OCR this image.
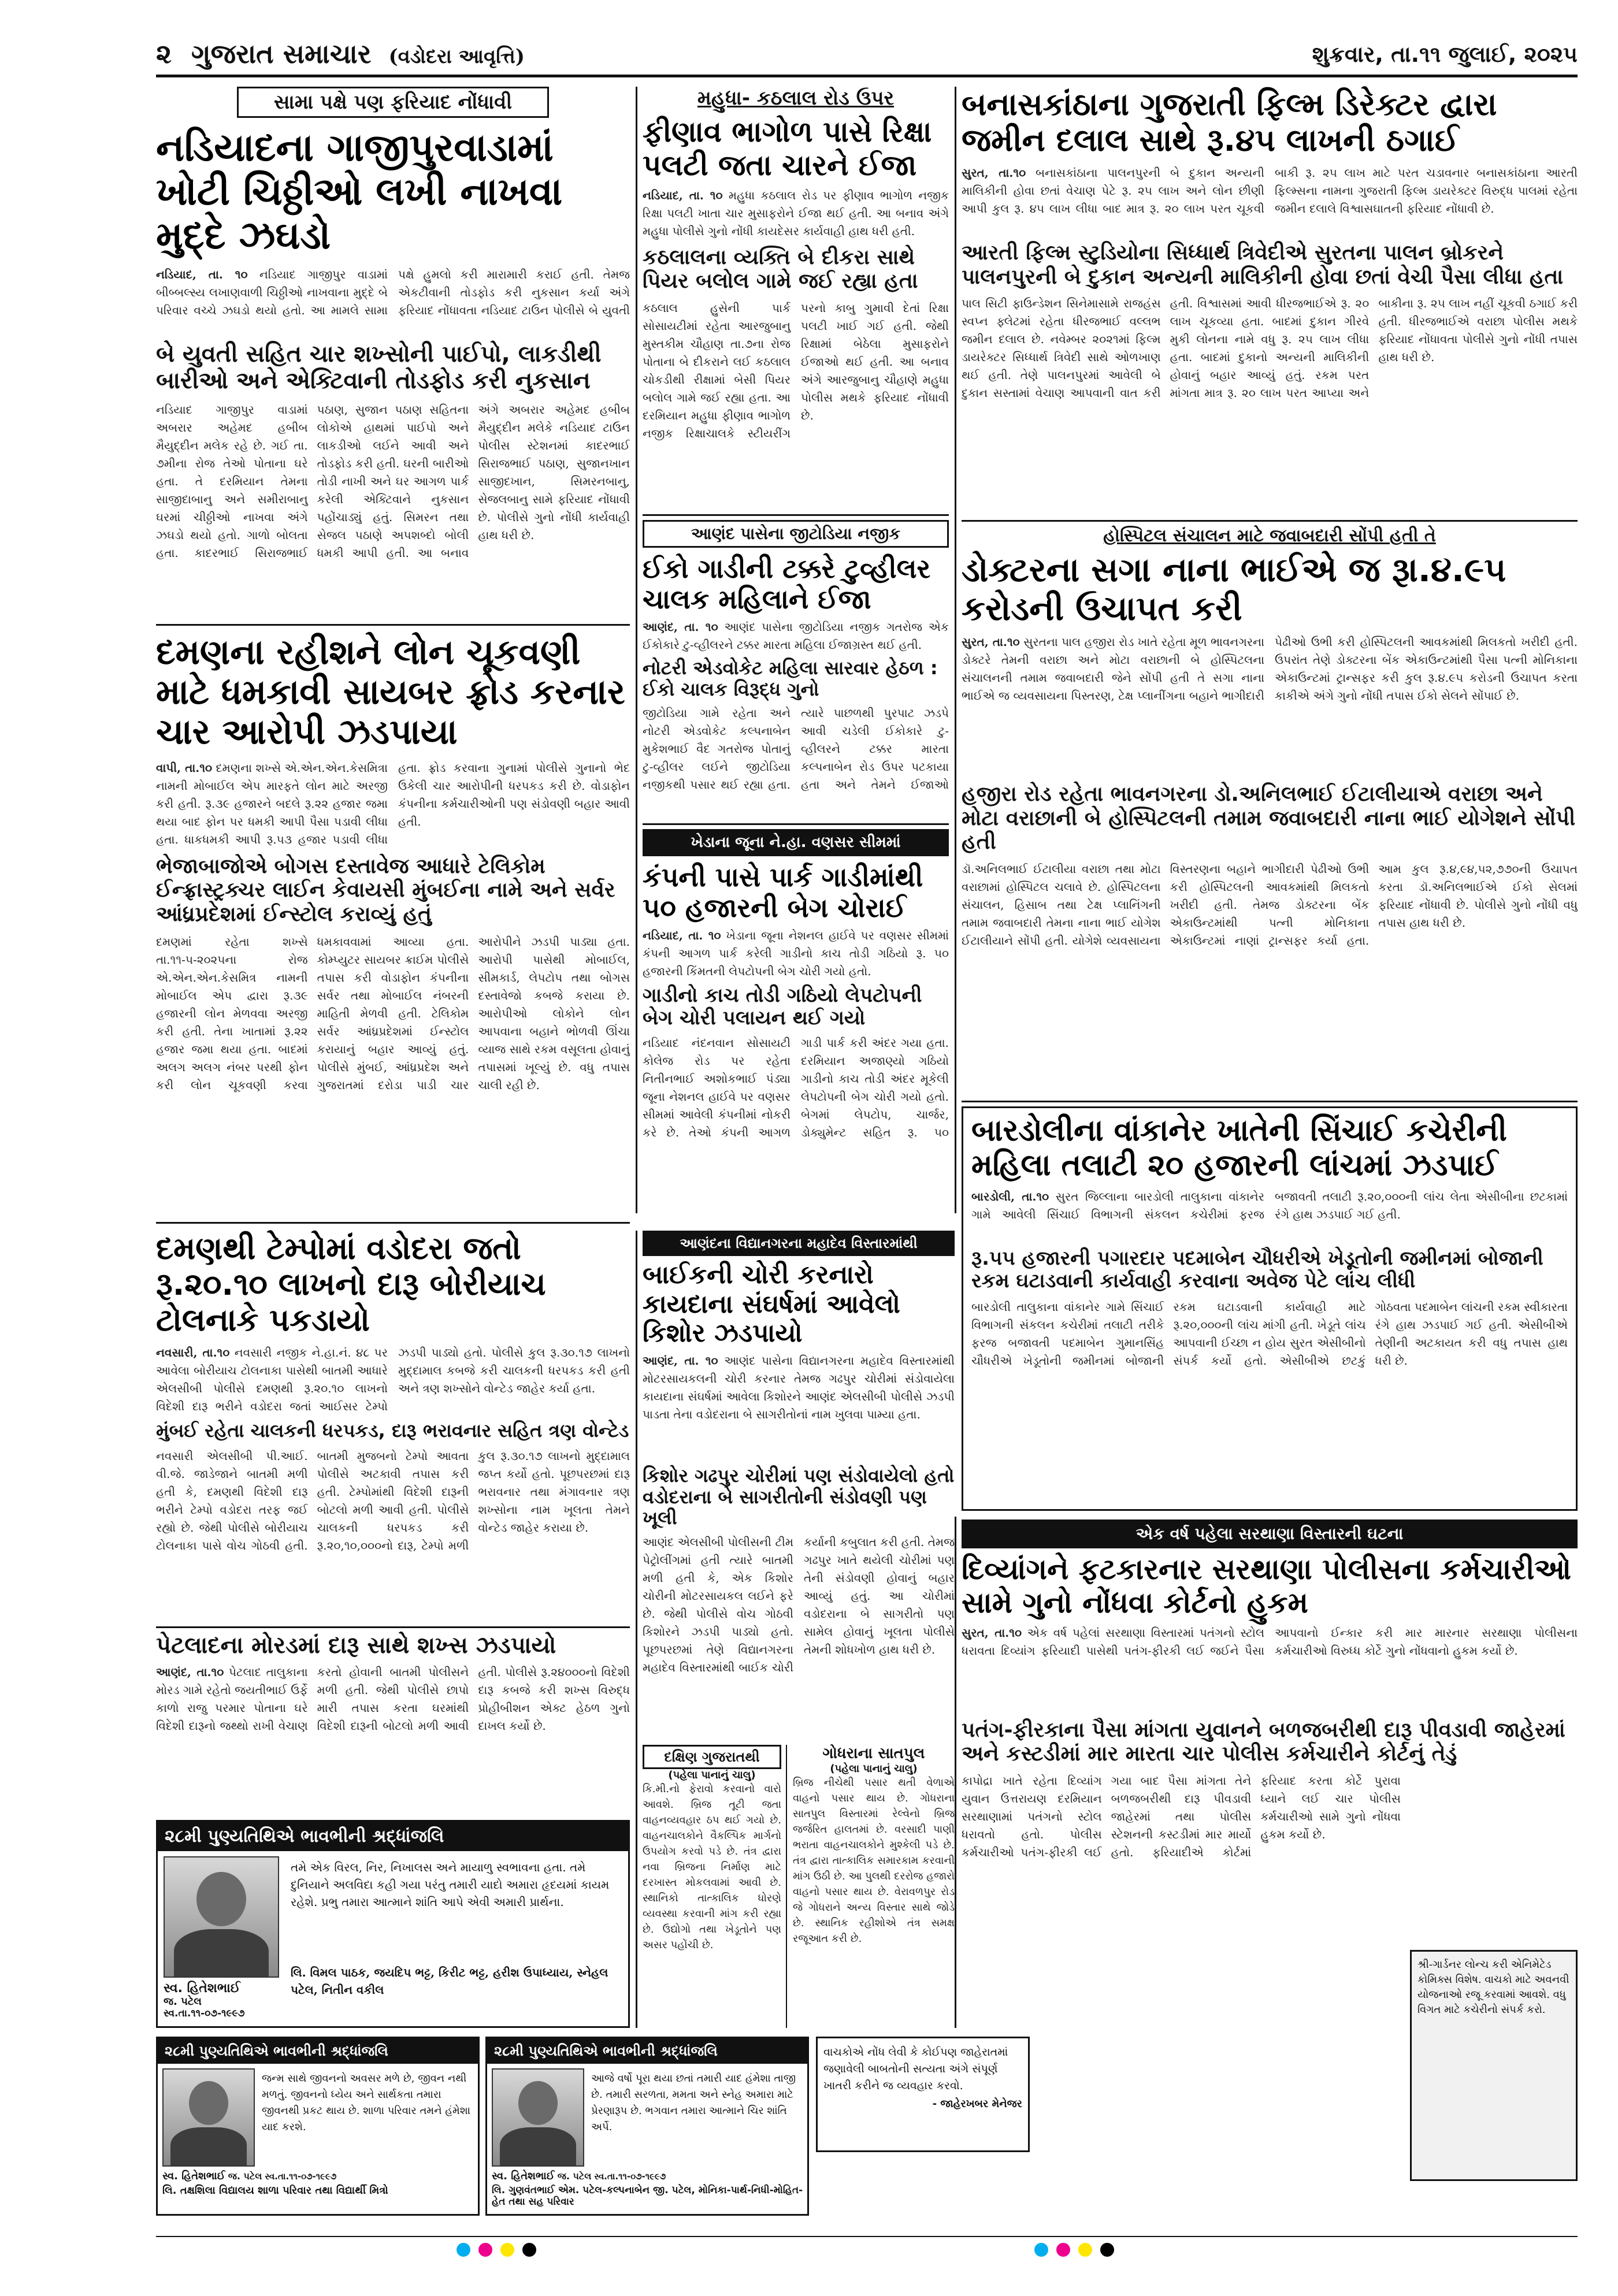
૨ ગુજરાત સમાચાર (વડોદરા આવૃત્તિ)	શુક્રવાર, તા.૧૧ જુલાઈ, ૨૦૨૫
સામા પક્ષે પણ ફરિયાદ નોંધાવી
નડિયાદના ગાજીપુરવાડામાં ખોટી ચિઠ્ઠીઓ લખી નાખવા મુદ્દે ઝઘડો
નડિયાદ, તા. ૧૦ નડિયાદ ગાજીપુર વાડામાં બીબ્બલ્સ્ય લખાણવાળી ચિઠ્ઠીઓ નાખવાના મુદ્દે બે પરિવાર વચ્ચે ઝઘડો થયો હતો. આ મામલે સામા પક્ષે હુમલો કરી મારામારી કરાઈ હતી. તેમજ એકટીવાની તોડફોડ કરી નુકસાન કર્યા અંગે ફરિયાદ નોંધાવતા નડિયાદ ટાઉન પોલીસે બે યુવતી
બે યુવતી સહિત ચાર શખ્સોની પાઈપો, લાકડીથી બારીઓ અને એક્ટિવાની તોડફોડ કરી નુકસાન
નડિયાદ ગાજીપુર વાડામાં અબરાર અહેમદ હબીબ મૈયુદ્દીન મલેક રહે છે. ગઈ તા. ૭મીના રોજ તેઓ પોતાના ઘરે હતા. તે દરમિયાન તેમના સાજીદાબાનુ અને સમીરાબાનુ ઘરમાં ચીઠ્ઠીઓ નાખવા અંગે ઝઘડો થયો હતો. ગાળો બોલતા હતા. કાદરભાઈ સિરાજભાઈ પઠાણ, સુજાન પઠાણ સહિતના લોકોએ હાથમાં પાઈપો અને લાકડીઓ લઈને આવી અને તોડફોડ કરી હતી. ઘરની બારીઓ તોડી નાખી અને ઘર આગળ પાર્ક કરેલી એક્ટિવાને નુકસાન પહોંચાડ્યું હતું. સિમરન તથા સેજલ પઠાણે અપશબ્દો બોલી ધમકી આપી હતી. આ બનાવ અંગે અબરાર અહેમદ હબીબ મૈયુદ્દીન મલેકે નડિયાદ ટાઉન પોલીસ સ્ટેશનમાં કાદરભાઈ સિરાજભાઈ પઠાણ, સુજાનખાન સાજીદખાન, સિમરનબાનુ, સેજલબાનુ સામે ફરિયાદ નોંધાવી છે. પોલીસે ગુનો નોંધી કાર્યવાહી હાથ ધરી છે.
દમણના રહીશને લોન ચૂકવણી માટે ધમકાવી સાયબર ફ્રોડ કરનાર ચાર આરોપી ઝડપાયા
વાપી, તા.૧૦ દમણના શખ્સે એ.એન.એન.કેસમિત્રા નામની મોબાઈલ એપ મારફતે લોન માટે અરજી કરી હતી. રૂ.૩૯ હજારને બદલે રૂ.૨૨ હજાર જમા થયા બાદ ફોન પર ધમકી આપી પૈસા પડાવી લીધા હતા. ધાકધમકી આપી રૂ.૫૩ હજાર પડાવી લીધા હતા. ફ્રોડ કરવાના ગુનામાં પોલીસે ગુનાનો ભેદ ઉકેલી ચાર આરોપીની ધરપકડ કરી છે. વોડાફોન કંપનીના કર્મચારીઓની પણ સંડોવણી બહાર આવી હતી.
ભેજાબાજોએ બોગસ દસ્તાવેજ આધારે ટેલિકોમ ઈન્ફ્રાસ્ટ્રક્ચર લાઈન કેવાયસી મુંબઈના નામે અને સર્વર આંધ્રપ્રદેશમાં ઈન્સ્ટોલ કરાવ્યું હતું
દમણમાં રહેતા શખ્સે તા.૧૧-૫-૨૦૨૫ના રોજ એ.એન.એન.કેસમિત્ર નામની મોબાઈલ એપ દ્વારા રૂ.૩૯ હજારની લોન મેળવવા અરજી કરી હતી. તેના ખાતામાં રૂ.૨૨ હજાર જમા થયા હતા. બાદમાં અલગ અલગ નંબર પરથી ફોન કરી લોન ચૂકવણી કરવા ધમકાવવામાં આવ્યા હતા. કોમ્પ્યુટર સાયબર ક્રાઈમ પોલીસે તપાસ કરી વોડાફોન કંપનીના સર્વર તથા મોબાઈલ નંબરની માહિતી મેળવી હતી. ટેલિકોમ સર્વર આંધ્રપ્રદેશમાં ઈન્સ્ટોલ કરાયાનું બહાર આવ્યું હતું. પોલીસે મુંબઈ, આંધ્રપ્રદેશ અને ગુજરાતમાં દરોડા પાડી ચાર આરોપીને ઝડપી પાડ્યા હતા. આરોપી પાસેથી મોબાઈલ, સીમકાર્ડ, લેપટોપ તથા બોગસ દસ્તાવેજો કબજે કરાયા છે. આરોપીઓ લોકોને લોન આપવાના બહાને ભોળવી ઊંચા વ્યાજ સાથે રકમ વસૂલતા હોવાનું તપાસમાં ખૂલ્યું છે. વધુ તપાસ ચાલી રહી છે.
મહુધા- કઠલાલ રોડ ઉપર
ફીણાવ ભાગોળ પાસે રિક્ષા પલટી જતા ચારને ઈજા
નડિયાદ, તા. ૧૦ મહુધા કઠલાલ રોડ પર ફીણાવ ભાગોળ નજીક રિક્ષા પલટી ખાતા ચાર મુસાફરોને ઈજા થઈ હતી. આ બનાવ અંગે મહુધા પોલીસે ગુનો નોંધી કાયદેસર કાર્યવાહી હાથ ધરી હતી.
કઠલાલના વ્યક્તિ બે દીકરા સાથે પિયર બલોલ ગામે જઈ રહ્યા હતા
કઠલાલ હુસેની પાર્ક સોસાયટીમાં રહેતા આરજુબાનુ મુસ્તકીમ ચૌહાણ તા.૭ના રોજ પોતાના બે દીકરાને લઈ કઠલાલ ચોકડીથી રીક્ષામાં બેસી પિયર બલોલ ગામે જઈ રહ્યા હતા. આ દરમિયાન મહુધા ફીણાવ ભાગોળ નજીક રિક્ષાચાલકે સ્ટીયરીંગ પરનો કાબુ ગુમાવી દેતાં રિક્ષા પલટી ખાઈ ગઈ હતી. જેથી રિક્ષામાં બેઠેલા મુસાફરોને ઈજાઓ થઈ હતી. આ બનાવ અંગે આરજુબાનુ ચૌહાણે મહુધા પોલીસ મથકે ફરિયાદ નોંધાવી છે.
આણંદ પાસેના જીટોડિયા નજીક
ઈકો ગાડીની ટક્કરે ટુવ્હીલર ચાલક મહિલાને ઈજા
આણંદ, તા. ૧૦ આણંદ પાસેના જીટોડિયા નજીક ગતરોજ એક ઈકોકારે ટુ-વ્હીલરને ટક્કર મારતા મહિલા ઈજાગ્રસ્ત થઈ હતી.
નોટરી એડવોકેટ મહિલા સારવાર હેઠળ : ઈકો ચાલક વિરૂદ્ધ ગુનો
જીટોડિયા ગામે રહેતા અને નોટરી એડવોકેટ કલ્પનાબેન મુકેશભાઈ વૈદ ગતરોજ પોતાનું ટુ-વ્હીલર લઈને જીટોડિયા નજીકથી પસાર થઈ રહ્યા હતા. ત્યારે પાછળથી પુરપાટ ઝડપે આવી ચડેલી ઈકોકારે ટુ-વ્હીલરને ટક્કર મારતા કલ્પનાબેન રોડ ઉપર પટકાયા હતા અને તેમને ઈજાઓ
ખેડાના જૂના ને.હા. વણસર સીમમાં
કંપની પાસે પાર્ક ગાડીમાંથી ૫૦ હજારની બેગ ચોરાઈ
નડિયાદ, તા. ૧૦ ખેડાના જૂના નેશનલ હાઈવે પર વણસર સીમમાં કંપની આગળ પાર્ક કરેલી ગાડીનો કાચ તોડી ગઠિયો રૂ. ૫૦ હજારની કિંમતની લેપટોપની બેગ ચોરી ગયો હતો.
ગાડીનો કાચ તોડી ગઠિયો લેપટોપની બેગ ચોરી પલાયન થઈ ગયો
નડિયાદ નંદનવાન સોસાયટી કોલેજ રોડ પર રહેતા નિતીનભાઈ અશોકભાઈ પંડ્યા જૂના નેશનલ હાઈવે પર વણસર સીમમાં આવેલી કંપનીમાં નોકરી કરે છે. તેઓ કંપની આગળ ગાડી પાર્ક કરી અંદર ગયા હતા. દરમિયાન અજાણ્યો ગઠિયો ગાડીનો કાચ તોડી અંદર મૂકેલી લેપટોપની બેગ ચોરી ગયો હતો. બેગમાં લેપટોપ, ચાર્જર, ડોક્યુમેન્ટ સહિત રૂ. ૫૦
બનાસકાંઠાના ગુજરાતી ફિલ્મ ડિરેક્ટર દ્વારા જમીન દલાલ સાથે રૂ.૪૫ લાખની ઠગાઈ
સુરત, તા.૧૦ બનાસકાંઠાના પાલનપુરની બે દુકાન અન્યની માલિકીની હોવા છતાં વેચાણ પેટે રૂ. ૨૫ લાખ અને લોન છીણી આપી કુલ રૂ. ૪૫ લાખ લીધા બાદ માત્ર રૂ. ૨૦ લાખ પરત ચૂકવી બાકી રૂ. ૨૫ લાખ માટે પરત ચડાવનાર બનાસકાંઠાના આરતી ફિલ્મ્સના નામના ગુજરાતી ફિલ્મ ડાયરેક્ટર વિરુદ્ધ પાલમાં રહેતા જમીન દલાલે વિશ્વાસઘાતની ફરિયાદ નોંધાવી છે.
આરતી ફિલ્મ સ્ટુડિયોના સિધ્ધાર્થ ત્રિવેદીએ સુરતના પાલન બ્રોકરને પાલનપુરની બે દુકાન અન્યની માલિકીની હોવા છતાં વેચી પૈસા લીધા હતા
પાલ સિટી ફાઉન્ડેશન સિનેમાસામે રાજહંસ સ્વપ્ન ફ્લેટમાં રહેતા ધીરજભાઈ વલ્લભ જમીન દલાલ છે. નવેમ્બર ૨૦૨૧માં ફિલ્મ ડાયરેક્ટર સિધ્ધાર્થ ત્રિવેદી સાથે ઓળખાણ થઈ હતી. તેણે પાલનપુરમાં આવેલી બે દુકાન સસ્તામાં વેચાણ આપવાની વાત કરી હતી. વિશ્વાસમાં આવી ધીરજભાઈએ રૂ. ૨૦ લાખ ચૂકવ્યા હતા. બાદમાં દુકાન ગીરવે મુકી લોનના નામે વધુ રૂ. ૨૫ લાખ લીધા હતા. બાદમાં દુકાનો અન્યની માલિકીની હોવાનું બહાર આવ્યું હતું. રકમ પરત માંગતા માત્ર રૂ. ૨૦ લાખ પરત આપ્યા અને બાકીના રૂ. ૨૫ લાખ નહીં ચૂકવી ઠગાઈ કરી હતી. ધીરજભાઈએ વરાછા પોલીસ મથકે ફરિયાદ નોંધાવતા પોલીસે ગુનો નોંધી તપાસ હાથ ધરી છે.
હોસ્પિટલ સંચાલન માટે જવાબદારી સોંપી હતી તે
ડોક્ટરના સગા નાના ભાઈએ જ રૂા.૪.૯૫ કરોડની ઉચાપત કરી
સુરત, તા.૧૦ સુરતના પાલ હજીરા રોડ ખાતે રહેતા મૂળ ભાવનગરના ડોક્ટરે તેમની વરાછા અને મોટા વરાછાની બે હોસ્પિટલના સંચાલનની તમામ જવાબદારી જેને સોંપી હતી તે સગા નાના ભાઈએ જ વ્યવસાયના પિસ્તરણ, ટેક્ષ પ્લાનીંગના બહાને ભાગીદારી પેઢીઓ ઉભી કરી હોસ્પિટલની આવકમાંથી મિલકતો ખરીદી હતી. ઉપરાંત તેણે ડોક્ટરના બેંક એકાઉન્ટમાંથી પૈસા પત્ની મોનિકાના એકાઉન્ટમાં ટ્રાન્સફર કરી કુલ રૂ.૪.૯૫ કરોડની ઉચાપત કરતા કાકીએ અંગે ગુનો નોંધી તપાસ ઈકો સેલને સોંપાઈ છે.
હજીરા રોડ રહેતા ભાવનગરના ડો.અનિલભાઈ ઈટાલીયાએ વરાછા અને મોટા વરાછાની બે હોસ્પિટલની તમામ જવાબદારી નાના ભાઈ યોગેશને સોંપી હતી
ડૉ.અનિલભાઈ ઈટાલીયા વરાછા તથા મોટા વરાછામાં હોસ્પિટલ ચલાવે છે. હોસ્પિટલના સંચાલન, હિસાબ તથા ટેક્ષ પ્લાનિંગની તમામ જવાબદારી તેમના નાના ભાઈ યોગેશ ઈટાલીયાને સોંપી હતી. યોગેશે વ્યવસાયના વિસ્તરણના બહાને ભાગીદારી પેઢીઓ ઉભી કરી હોસ્પિટલની આવકમાંથી મિલકતો ખરીદી હતી. તેમજ ડોક્ટરના બેંક એકાઉન્ટમાંથી પત્ની મોનિકાના એકાઉન્ટમાં નાણાં ટ્રાન્સફર કર્યા હતા. આમ કુલ રૂ.૪,૯૪,૫૨,૭૭૦ની ઉચાપત કરતા ડૉ.અનિલભાઈએ ઈકો સેલમાં ફરિયાદ નોંધાવી છે. પોલીસે ગુનો નોંધી વધુ તપાસ હાથ ધરી છે.
બારડોલીના વાંકાનેર ખાતેની સિંચાઈ કચેરીની મહિલા તલાટી ૨૦ હજારની લાંચમાં ઝડપાઈ
બારડોલી, તા.૧૦ સુરત જિલ્લાના બારડોલી તાલુકાના વાંકાનેર ગામે આવેલી સિંચાઈ વિભાગની સંકલન કચેરીમાં ફરજ બજાવતી તલાટી રૂ.૨૦,૦૦૦ની લાંચ લેતા એસીબીના છટકામાં રંગે હાથ ઝડપાઈ ગઈ હતી.
રૂ.૫૫ હજારની પગારદાર પદમાબેન ચૌધરીએ ખેડૂતોની જમીનમાં બોજાની રકમ ઘટાડવાની કાર્યવાહી કરવાના અવેજ પેટે લાંચ લીધી
બારડોલી તાલુકાના વાંકાનેર ગામે સિંચાઈ વિભાગની સંકલન કચેરીમાં તલાટી તરીકે ફરજ બજાવતી પદમાબેન ગુમાનસિંહ ચૌધરીએ ખેડૂતોની જમીનમાં બોજાની રકમ ઘટાડવાની કાર્યવાહી માટે રૂ.૨૦,૦૦૦ની લાંચ માંગી હતી. ખેડૂતે લાંચ આપવાની ઈચ્છા ન હોય સુરત એસીબીનો સંપર્ક કર્યો હતો. એસીબીએ છટકું ગોઠવતા પદમાબેન લાંચની રકમ સ્વીકારતા રંગે હાથ ઝડપાઈ ગઈ હતી. એસીબીએ તેણીની અટકાયત કરી વધુ તપાસ હાથ ધરી છે.
દમણથી ટેમ્પોમાં વડોદરા જતો રૂ.૨૦.૧૦ લાખનો દારૂ બોરીયાચ ટોલનાકે પકડાયો
નવસારી, તા.૧૦ નવસારી નજીક ને.હા.નં. ૪૮ પર આવેલા બોરીયાચ ટોલનાકા પાસેથી બાતમી આધારે એલસીબી પોલીસે દમણથી રૂ.૨૦.૧૦ લાખનો વિદેશી દારૂ ભરીને વડોદરા જતાં આઈસર ટેમ્પો ઝડપી પાડ્યો હતો. પોલીસે કુલ રૂ.૩૦.૧૭ લાખનો મુદ્દામાલ કબજે કરી ચાલકની ધરપકડ કરી હતી અને ત્રણ શખ્સોને વોન્ટેડ જાહેર કર્યા હતા.
મુંબઈ રહેતા ચાલકની ધરપકડ, દારૂ ભરાવનાર સહિત ત્રણ વોન્ટેડ
નવસારી એલસીબી પી.આઈ. વી.જે. જાડેજાને બાતમી મળી હતી કે, દમણથી વિદેશી દારૂ ભરીને ટેમ્પો વડોદરા તરફ જઈ રહ્યો છે. જેથી પોલીસે બોરીયાચ ટોલનાકા પાસે વોચ ગોઠવી હતી. બાતમી મુજબનો ટેમ્પો આવતા પોલીસે અટકાવી તપાસ કરી હતી. ટેમ્પોમાંથી વિદેશી દારૂની બોટલો મળી આવી હતી. પોલીસે ચાલકની ધરપકડ કરી રૂ.૨૦,૧૦,૦૦૦નો દારૂ, ટેમ્પો મળી કુલ રૂ.૩૦.૧૭ લાખનો મુદ્દામાલ જપ્ત કર્યો હતો. પૂછપરછમાં દારૂ ભરાવનાર તથા મંગાવનાર ત્રણ શખ્સોના નામ ખૂલતા તેમને વોન્ટેડ જાહેર કરાયા છે.
પેટલાદના મોરડમાં દારૂ સાથે શખ્સ ઝડપાયો
આણંદ, તા.૧૦ પેટલાદ તાલુકાના મોરડ ગામે રહેતો જયતીભાઈ ઉર્ફે કાળો રાજુ પરમાર પોતાના ઘરે વિદેશી દારૂનો જથ્થો રાખી વેચાણ કરતો હોવાની બાતમી પોલીસને મળી હતી. જેથી પોલીસે છાપો મારી તપાસ કરતા ઘરમાંથી વિદેશી દારૂની બોટલો મળી આવી હતી. પોલીસે રૂ.૨૪૦૦૦નો વિદેશી દારૂ કબજે કરી શખ્સ વિરુદ્ધ પ્રોહીબીશન એક્ટ હેઠળ ગુનો દાખલ કર્યો છે.
૨૮મી પુણ્યતિથિએ ભાવભીની શ્રદ્ધાંજલિ
સ્વ. હિતેશભાઈ
જ. પટેલ
સ્વ.તા.૧૧-૦૭-૧૯૯૭
તમે એક વિરલ, નિર, નિખાલસ અને માયાળુ સ્વભાવના હતા. તમે દુનિયાને અલવિદા કહી ગયા પરંતુ તમારી યાદો અમારા હૃદયમાં કાયમ રહેશે. પ્રભુ તમારા આત્માને શાંતિ આપે એવી અમારી પ્રાર્થના.
લિ. વિમલ પાઠક, જયદિપ ભટ્ટ, કિરીટ ભટ્ટ, હરીશ ઉપાધ્યાય, સ્નેહલ પટેલ, નિતીન વકીલ
૨૮મી પુણ્યતિથિએ ભાવભીની શ્રદ્ધાંજલિ
જન્મ સાથે જીવનનો અવસર મળે છે, જીવન નથી મળતું. જીવનનો ધ્યેય અને સાર્થકતા તમારા જીવનથી પ્રકટ થાય છે. શાળા પરિવાર તમને હંમેશા યાદ કરશે.
સ્વ. હિતેશભાઈ જ. પટેલ સ્વ.તા.૧૧-૦૭-૧૯૯૭
લિ. તક્ષશિલા વિદ્યાલય શાળા પરિવાર તથા વિદ્યાર્થી મિત્રો
૨૮મી પુણ્યતિથિએ ભાવભીની શ્રદ્ધાંજલિ
આજે વર્ષો પૂરા થયા છતાં તમારી યાદ હંમેશા તાજી છે. તમારી સરળતા, મમતા અને સ્નેહ અમારા માટે પ્રેરણારૂપ છે. ભગવાન તમારા આત્માને ચિર શાંતિ અર્પે.
સ્વ. હિતેશભાઈ જ. પટેલ સ્વ.તા.૧૧-૦૭-૧૯૯૭
લિ. ગુણવંતભાઈ એમ. પટેલ-કલ્પનાબેન જી. પટેલ, મોનિકા-પાર્થ-નિધી-મોહિત-હેત તથા સહ પરિવાર
આણંદના વિદ્યાનગરના મહાદેવ વિસ્તારમાંથી
બાઈકની ચોરી કરનારો કાયદાના સંઘર્ષમાં આવેલો કિશોર ઝડપાયો
આણંદ, તા. ૧૦ આણંદ પાસેના વિદ્યાનગરના મહાદેવ વિસ્તારમાંથી મોટરસાયકલની ચોરી કરનાર તેમજ ગઢપુર ચોરીમાં સંડોવાયેલા કાયદાના સંઘર્ષમાં આવેલા કિશોરને આણંદ એલસીબી પોલીસે ઝડપી પાડતા તેના વડોદરાના બે સાગરીતોનાં નામ ખુલવા પામ્યા હતા.
કિશોર ગઢપુર ચોરીમાં પણ સંડોવાયેલો હતો વડોદરાના બે સાગરીતોની સંડોવણી પણ ખૂલી
આણંદ એલસીબી પોલીસની ટીમ પેટ્રોલીંગમાં હતી ત્યારે બાતમી મળી હતી કે, એક કિશોર ચોરીની મોટરસાયકલ લઈને ફરે છે. જેથી પોલીસે વોચ ગોઠવી કિશોરને ઝડપી પાડ્યો હતો. પૂછપરછમાં તેણે વિદ્યાનગરના મહાદેવ વિસ્તારમાંથી બાઈક ચોરી કર્યાની કબુલાત કરી હતી. તેમજ ગઢપુર ખાતે થયેલી ચોરીમાં પણ તેની સંડોવણી હોવાનું બહાર આવ્યું હતું. આ ચોરીમાં વડોદરાના બે સાગરીતો પણ સામેલ હોવાનું ખૂલતા પોલીસે તેમની શોધખોળ હાથ ધરી છે.
દક્ષિણ ગુજરાતથી
(પહેલા પાનાનું ચાલુ)
કિ.મી.નો ફેરાવો કરવાનો વારો આવશે. બ્રિજ તૂટી જતા વાહનવ્યવહાર ઠપ થઈ ગયો છે. વાહનચાલકોને વૈકલ્પિક માર્ગનો ઉપયોગ કરવો પડે છે. તંત્ર દ્વારા નવા બ્રિજના નિર્માણ માટે દરખાસ્ત મોકલવામાં આવી છે. સ્થાનિકો તાત્કાલિક ધોરણે વ્યવસ્થા કરવાની માંગ કરી રહ્યા છે. ઉદ્યોગો તથા ખેડૂતોને પણ અસર પહોંચી છે.
ગોધરાના સાતપુલ
(પહેલા પાનાનું ચાલુ)
બ્રિજ નીચેથી પસાર થતી વેળાએ વાહનો પસાર થાય છે. ગોધરાના સાતપુલ વિસ્તારમાં રેલ્વેનો બ્રિજ જર્જરિત હાલતમાં છે. વરસાદી પાણી ભરાતા વાહનચાલકોને મુશ્કેલી પડે છે. તંત્ર દ્વારા તાત્કાલિક સમારકામ કરવાની માંગ ઉઠી છે. આ પુલથી દરરોજ હજારો વાહનો પસાર થાય છે. વેરાવળપુર રોડ જે ગોધરાને અન્ય વિસ્તાર સાથે જોડે છે. સ્થાનિક રહીશોએ તંત્ર સમક્ષ રજૂઆત કરી છે.
વાચકોએ નોંધ લેવી કે કોઈપણ જાહેરાતમાં જણાવેલી બાબતોની સત્યતા અંગે સંપૂર્ણ ખાતરી કરીને જ વ્યવહાર કરવો.
- જાહેરખબર મેનેજર
એક વર્ષ પહેલા સરથાણા વિસ્તારની ઘટના
દિવ્યાંગને ફટકારનાર સરથાણા પોલીસના કર્મચારીઓ સામે ગુનો નોંધવા કોર્ટનો હુકમ
સુરત, તા.૧૦ એક વર્ષ પહેલાં સરથાણા વિસ્તારમાં પતંગનો સ્ટોલ ધરાવતા દિવ્યાંગ ફરિયાદી પાસેથી પતંગ-ફીરકી લઈ જઈને પૈસા આપવાનો ઈન્કાર કરી માર મારનાર સરથાણા પોલીસના કર્મચારીઓ વિરુધ્ધ કોર્ટે ગુનો નોંધવાનો હુકમ કર્યો છે.
પતંગ-ફીરકાના પૈસા માંગતા યુવાનને બળજબરીથી દારૂ પીવડાવી જાહેરમાં અને કસ્ટડીમાં માર મારતા ચાર પોલીસ કર્મચારીને કોર્ટનું તેડું
કાપોદ્રા ખાતે રહેતા દિવ્યાંગ યુવાન ઉત્તરાયણ દરમિયાન સરથાણામાં પતંગનો સ્ટોલ ધરાવતો હતો. પોલીસ કર્મચારીઓ પતંગ-ફીરકી લઈ ગયા બાદ પૈસા માંગતા તેને બળજબરીથી દારૂ પીવડાવી જાહેરમાં તથા પોલીસ સ્ટેશનની કસ્ટડીમાં માર માર્યો હતો. ફરિયાદીએ કોર્ટમાં ફરિયાદ કરતા કોર્ટે પુરાવા ધ્યાને લઈ ચાર પોલીસ કર્મચારીઓ સામે ગુનો નોંધવા હુકમ કર્યો છે.
શ્રી-ગાર્ડનર લોન્ચ કરી એનિમેટેડ કોમિક્સ વિશેષ. વાચકો માટે અવનવી યોજનાઓ રજૂ કરવામાં આવશે. વધુ વિગત માટે કચેરીનો સંપર્ક કરો.
